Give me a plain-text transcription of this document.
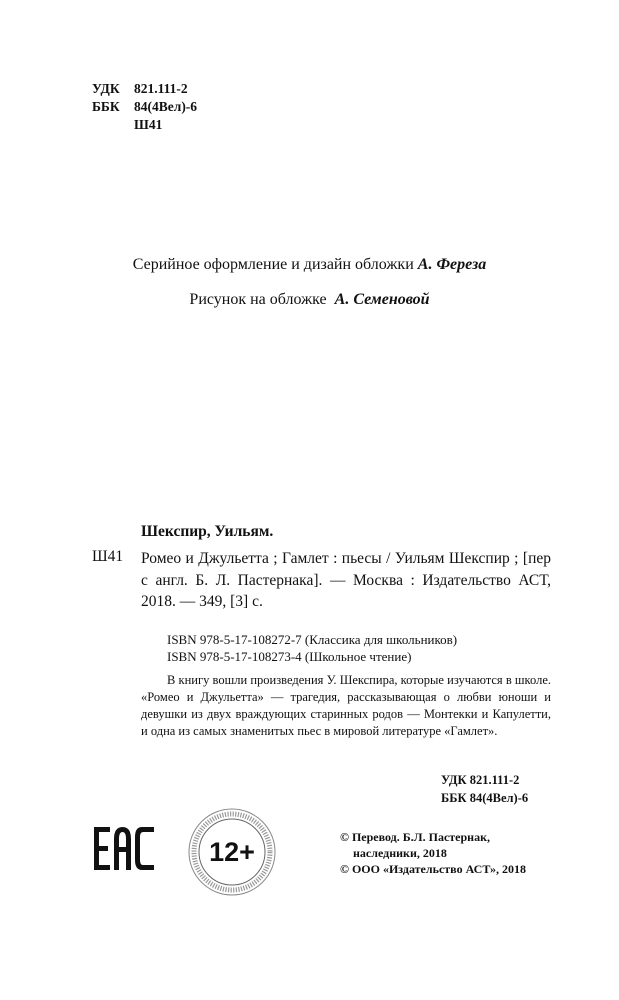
УДК	821.111-2
ББК	84(4Вел)-6
Ш41
Серийное оформление и дизайн обложки А. Фереза
Рисунок на обложке А. Семеновой
Шекспир, Уильям.
Ш41 Ромео и Джульетта ; Гамлет : пьесы / Уильям Шекспир ; [пер с англ. Б. Л. Пастернака]. — Москва : Издательство АСТ, 2018. — 349, [3] с.
ISBN 978-5-17-108272-7 (Классика для школьников)
ISBN 978-5-17-108273-4 (Школьное чтение)
В книгу вошли произведения У. Шекспира, которые изучаются в школе. «Ромео и Джульетта» — трагедия, рассказывающая о любви юноши и девушки из двух враждующих старинных родов — Монтекки и Капулетти, и одна из самых знаменитых пьес в мировой литературе «Гамлет».
УДК 821.111-2
ББК 84(4Вел)-6
12+	© Перевод. Б.Л. Пастернак,
наследники, 2018
© ООО «Издательство АСТ», 2018
